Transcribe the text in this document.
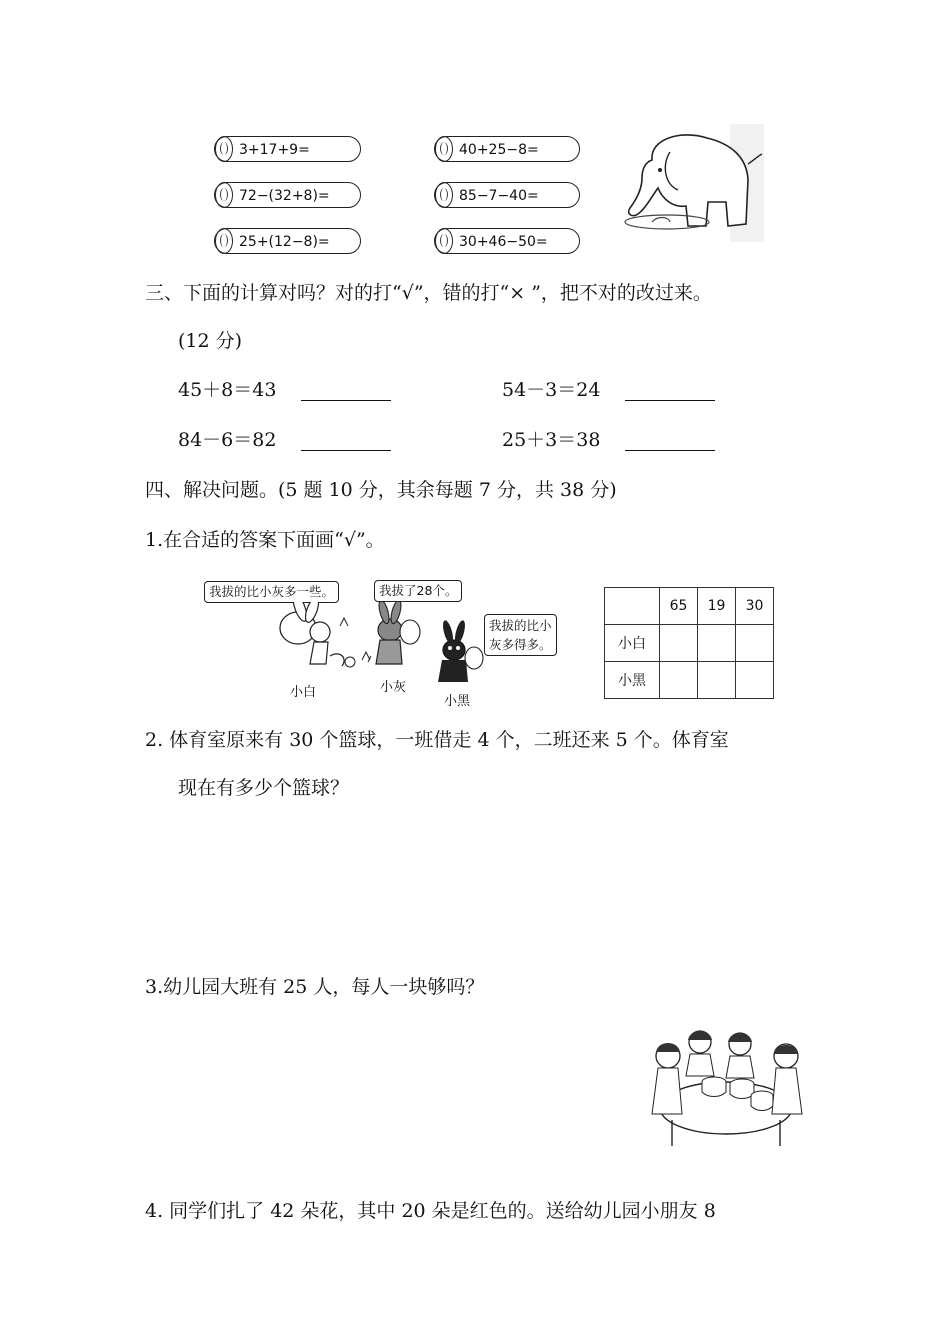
3+17+9=
72−(32+8)=
25+(12−8)=
40+25−8=
85−7−40=
30+46−50=
三、下面的计算对吗？对的打“√”，错的打“× ”，把不对的改过来。
(12 分)
45＋8＝43	54－3＝24
84－6＝82	25＋3＝38
四、解决问题。(5 题 10 分，其余每题 7 分，共 38 分)
1.在合适的答案下面画“√”。
我拔的比小灰多一些。	我拔了28个。
我拔的比小
灰多得多。
小白	小灰
小黑
	65	19	30
小白			
小黑			
2. 体育室原来有 30 个篮球，一班借走 4 个，二班还来 5 个。体育室
现在有多少个篮球？
3.幼儿园大班有 25 人，每人一块够吗？
4. 同学们扎了 42 朵花，其中 20 朵是红色的。送给幼儿园小朋友 8
